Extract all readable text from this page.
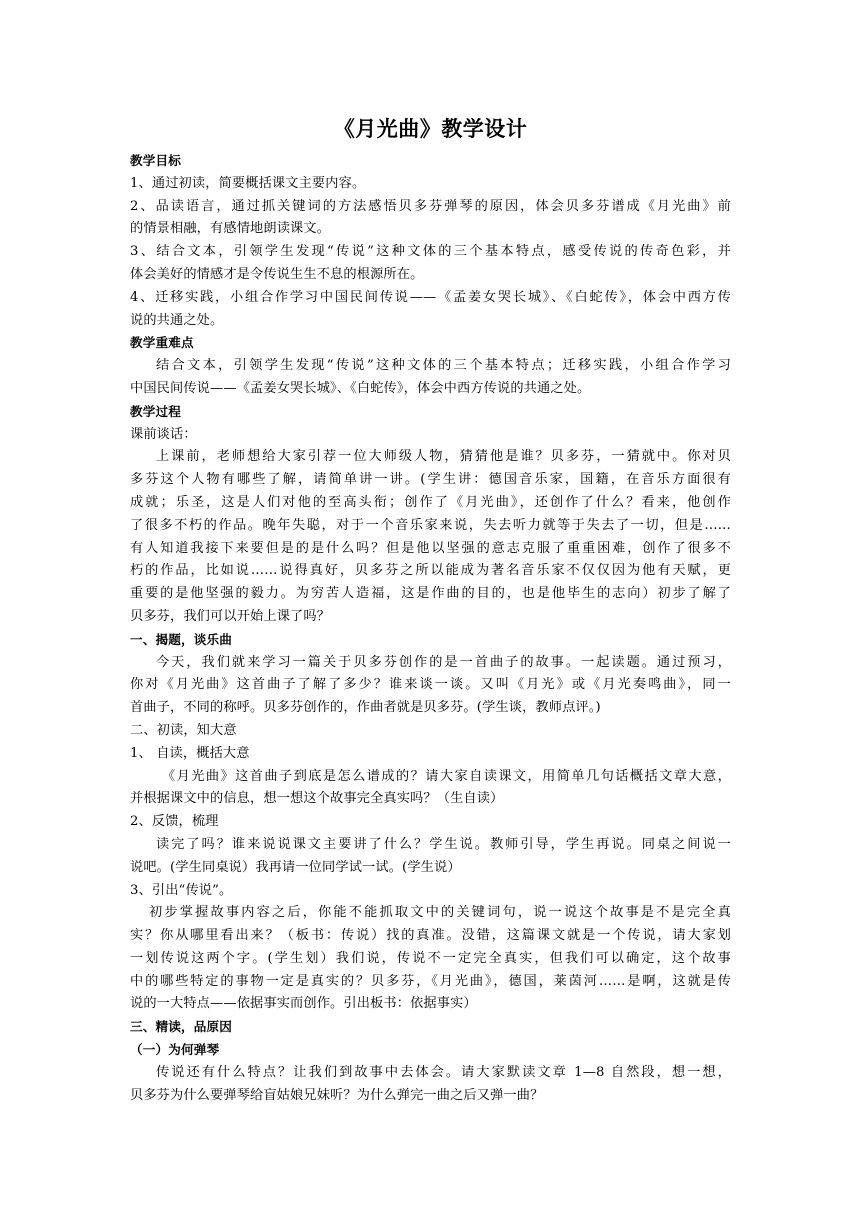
《月光曲》教学设计

教学目标

1、通过初读，简要概括课文主要内容。

2、品读语言，通过抓关键词的方法感悟贝多芬弹琴的原因，体会贝多芬谱成《月光曲》前

的情景相融，有感情地朗读课文。

3、结合文本，引领学生发现“传说”这种文体的三个基本特点，感受传说的传奇色彩，并

体会美好的情感才是令传说生生不息的根源所在。

4、迁移实践，小组合作学习中国民间传说——《孟姜女哭长城》、《白蛇传》，体会中西方传

说的共通之处。

教学重难点

结合文本，引领学生发现“传说”这种文体的三个基本特点；迁移实践，小组合作学习

中国民间传说——《孟姜女哭长城》、《白蛇传》，体会中西方传说的共通之处。

教学过程

课前谈话：

上课前，老师想给大家引荐一位大师级人物，猜猜他是谁？贝多芬，一猜就中。你对贝

多芬这个人物有哪些了解，请简单讲一讲。(学生讲：德国音乐家，国籍，在音乐方面很有

成就；乐圣，这是人们对他的至高头衔；创作了《月光曲》，还创作了什么？看来，他创作

了很多不朽的作品。晚年失聪，对于一个音乐家来说，失去听力就等于失去了一切，但是……

有人知道我接下来要但是的是什么吗？但是他以坚强的意志克服了重重困难，创作了很多不

朽的作品，比如说……说得真好，贝多芬之所以能成为著名音乐家不仅仅因为他有天赋，更

重要的是他坚强的毅力。为穷苦人造福，这是作曲的目的，也是他毕生的志向）初步了解了

贝多芬，我们可以开始上课了吗？

一、揭题，谈乐曲

今天，我们就来学习一篇关于贝多芬创作的是一首曲子的故事。一起读题。通过预习，

你对《月光曲》这首曲子了解了多少？谁来谈一谈。又叫《月光》或《月光奏鸣曲》，同一

首曲子，不同的称呼。贝多芬创作的，作曲者就是贝多芬。(学生谈，教师点评。)

二、初读，知大意

1、 自读，概括大意

《月光曲》这首曲子到底是怎么谱成的？请大家自读课文，用简单几句话概括文章大意，

并根据课文中的信息，想一想这个故事完全真实吗？（生自读）

2、反馈，梳理

读完了吗？谁来说说课文主要讲了什么？学生说。教师引导，学生再说。同桌之间说一

说吧。(学生同桌说）我再请一位同学试一试。(学生说）

3、引出“传说”。

初步掌握故事内容之后，你能不能抓取文中的关键词句，说一说这个故事是不是完全真

实？你从哪里看出来？（板书：传说）找的真准。没错，这篇课文就是一个传说，请大家划

一划传说这两个字。(学生划）我们说，传说不一定完全真实，但我们可以确定，这个故事

中的哪些特定的事物一定是真实的？贝多芬，《月光曲》，德国，莱茵河……是啊，这就是传

说的一大特点——依据事实而创作。引出板书：依据事实）

三、精读，品原因

（一）为何弹琴

传说还有什么特点？让我们到故事中去体会。请大家默读文章 1—8 自然段，想一想，

贝多芬为什么要弹琴给盲姑娘兄妹听？为什么弹完一曲之后又弹一曲？
